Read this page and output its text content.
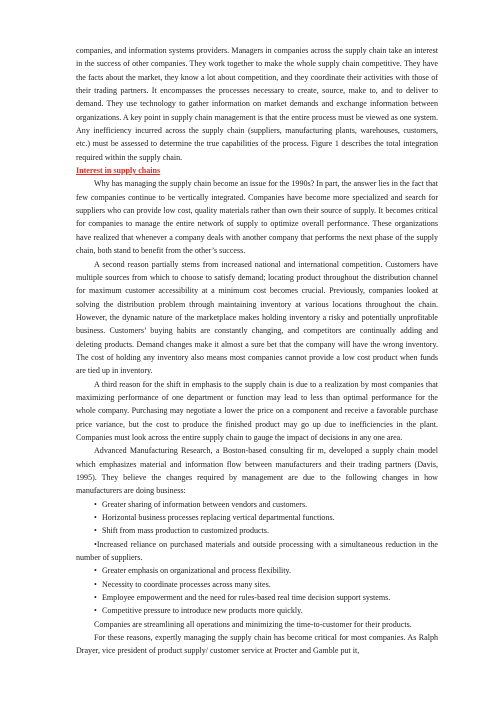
companies, and information systems providers. Managers in companies across the supply chain take an interest in the success of other companies. They work together to make the whole supply chain competitive. They have the facts about the market, they know a lot about competition, and they coordinate their activities with those of their trading partners. It encompasses the processes necessary to create, source, make to, and to deliver to demand. They use technology to gather information on market demands and exchange information between organizations. A key point in supply chain management is that the entire process must be viewed as one system. Any inefficiency incurred across the supply chain (suppliers, manufacturing plants, warehouses, customers, etc.) must be assessed to determine the true capabilities of the process. Figure 1 describes the total integration required within the supply chain.

Interest in supply chains

Why has managing the supply chain become an issue for the 1990s? In part, the answer lies in the fact that few companies continue to be vertically integrated. Companies have become more specialized and search for suppliers who can provide low cost, quality materials rather than own their source of supply. It becomes critical for companies to manage the entire network of supply to optimize overall performance. These organizations have realized that whenever a company deals with another company that performs the next phase of the supply chain, both stand to benefit from the other’s success.

A second reason partially stems from increased national and international competition. Customers have multiple sources from which to choose to satisfy demand; locating product throughout the distribution channel for maximum customer accessibility at a minimum cost becomes crucial. Previously, companies looked at solving the distribution problem through maintaining inventory at various locations throughout the chain. However, the dynamic nature of the marketplace makes holding inventory a risky and potentially unprofitable business. Customers’ buying habits are constantly changing, and competitors are continually adding and deleting products. Demand changes make it almost a sure bet that the company will have the wrong inventory. The cost of holding any inventory also means most companies cannot provide a low cost product when funds are tied up in inventory.

A third reason for the shift in emphasis to the supply chain is due to a realization by most companies that maximizing performance of one department or function may lead to less than optimal performance for the whole company. Purchasing may negotiate a lower the price on a component and receive a favorable purchase price variance, but the cost to produce the finished product may go up due to inefficiencies in the plant. Companies must look across the entire supply chain to gauge the impact of decisions in any one area.

Advanced Manufacturing Research, a Boston-based consulting fir m, developed a supply chain model which emphasizes material and information flow between manufacturers and their trading partners (Davis, 1995). They believe the changes required by management are due to the following changes in how manufacturers are doing business:

• Greater sharing of information between vendors and customers.

• Horizontal business processes replacing vertical departmental functions.

• Shift from mass production to customized products.

•Increased reliance on purchased materials and outside processing with a simultaneous reduction in the number of suppliers.

• Greater emphasis on organizational and process flexibility.

• Necessity to coordinate processes across many sites.

• Employee empowerment and the need for rules-based real time decision support systems.

• Competitive pressure to introduce new products more quickly.

Companies are streamlining all operations and minimizing the time-to-customer for their products.

For these reasons, expertly managing the supply chain has become critical for most companies. As Ralph Drayer, vice president of product supply/ customer service at Procter and Gamble put it,
